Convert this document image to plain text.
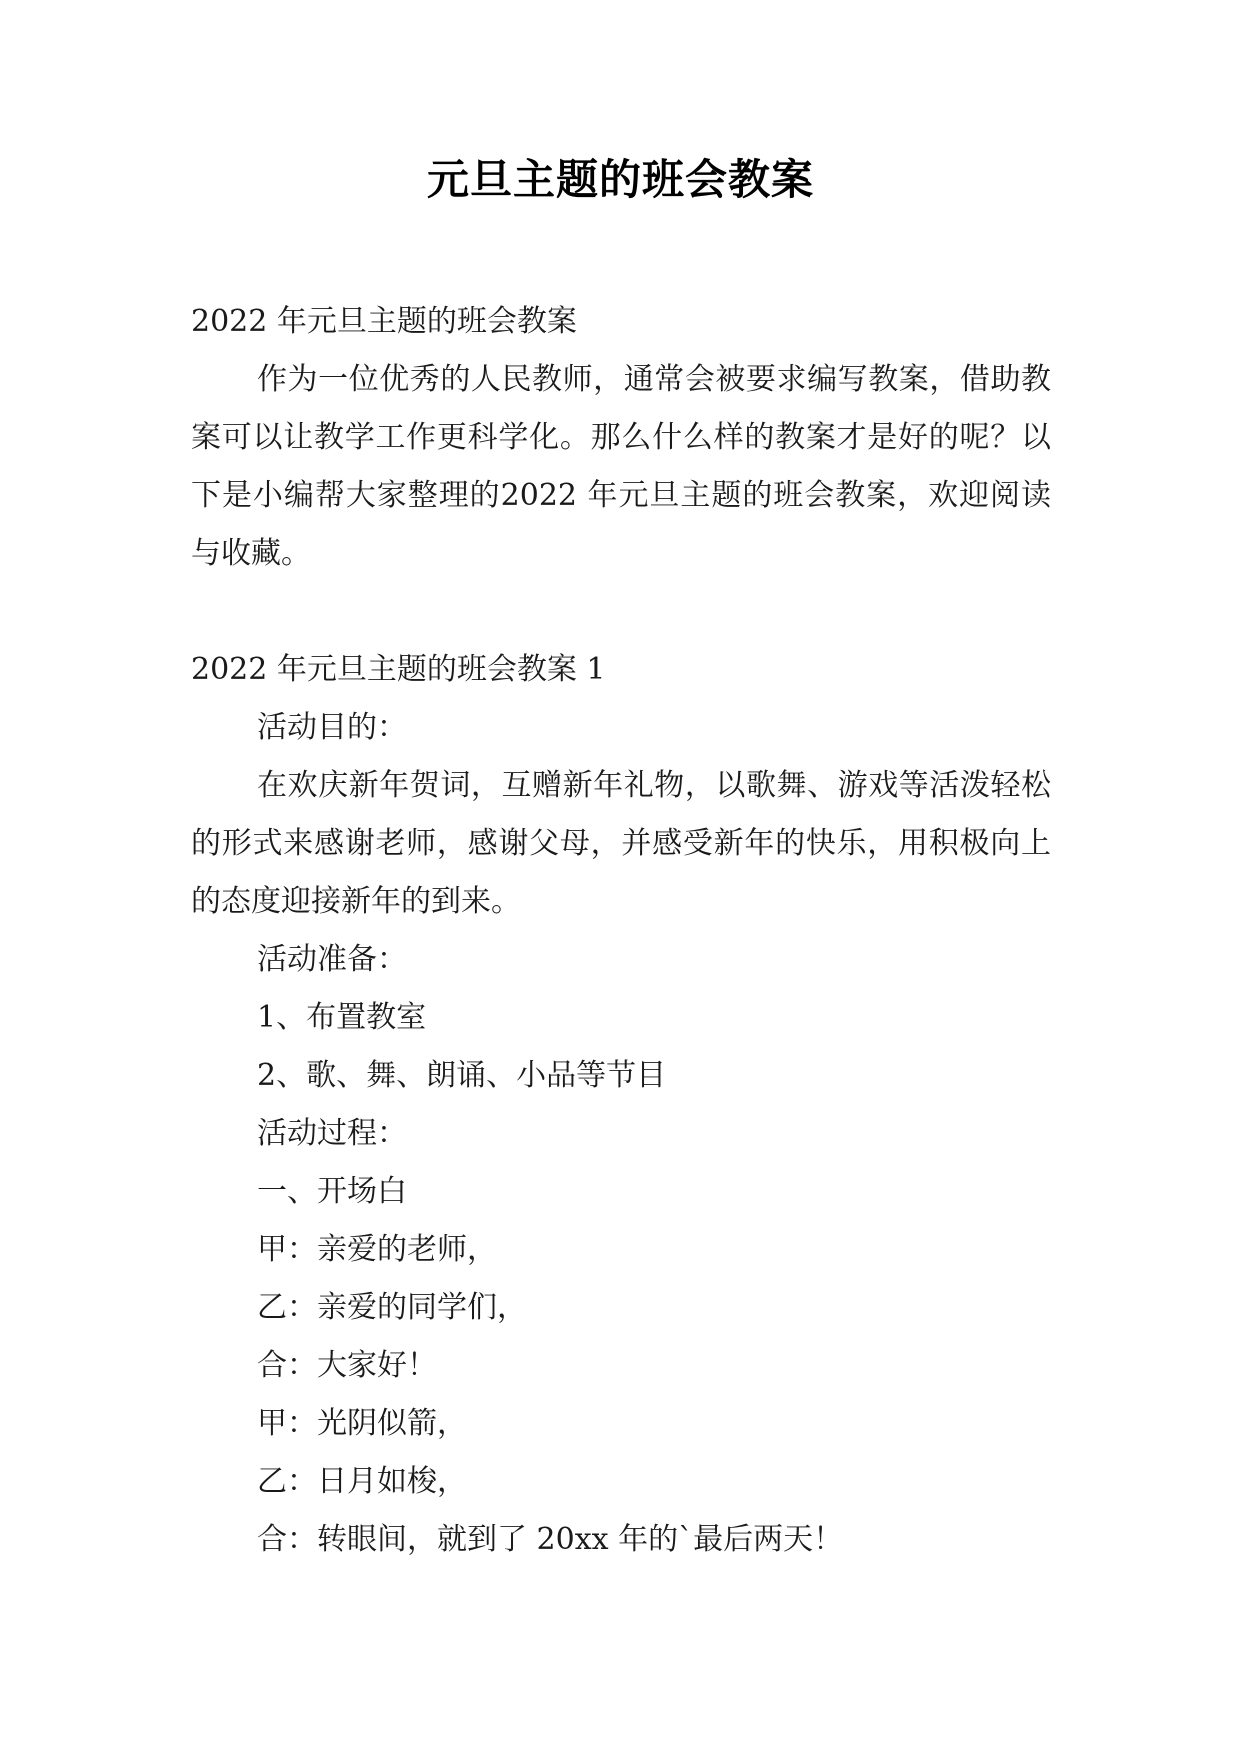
元旦主题的班会教案
2022 年元旦主题的班会教案
作为一位优秀的人民教师，通常会被要求编写教案，借助教案可以让教学工作更科学化。那么什么样的教案才是好的呢？以下是小编帮大家整理的2022 年元旦主题的班会教案，欢迎阅读与收藏。
2022 年元旦主题的班会教案 1
活动目的：
在欢庆新年贺词，互赠新年礼物，以歌舞、游戏等活泼轻松的形式来感谢老师，感谢父母，并感受新年的快乐，用积极向上的态度迎接新年的到来。
活动准备：
1、布置教室
2、歌、舞、朗诵、小品等节目
活动过程：
一、开场白
甲：亲爱的老师，
乙：亲爱的同学们，
合：大家好！
甲：光阴似箭，
乙：日月如梭，
合：转眼间，就到了 20xx 年的`最后两天！
